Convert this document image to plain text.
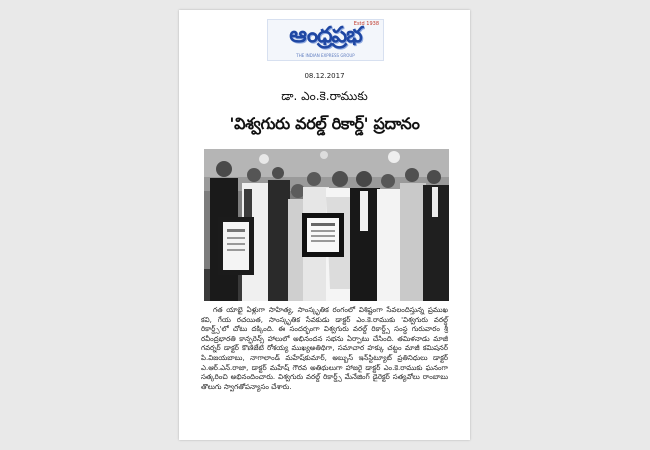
Estd 1938
ఆంధ్రప్రభ
THE INDIAN EXPRESS GROUP
08.12.2017
డా. ఎం.కె.రాముకు
'విశ్వగురు వరల్డ్ రికార్డ్' ప్రదానం

గత యాభై ఏళ్లుగా సాహిత్య, సాంస్కృతిక రంగంలో విశిష్టంగా సేవలందిస్తున్న ప్రముఖ కవి, గేయ రచయిత, సాంస్కృతిక సేవకుడు డాక్టర్ ఎం.కె.రాముకు 'విశ్వగురు వరల్డ్ రికార్డ్స్‌'లో చోటు దక్కింది. ఈ సందర్భంగా విశ్వగురు వరల్డ్ రికార్డ్స్ సంస్థ గురువారం శ్రీ రవీంద్రభారతి కాన్ఫరెన్స్ హాలులో అభినందన సభను ఏర్పాటు చేసింది. తమిళనాడు మాజీ గవర్నర్ డాక్టర్ కొణిజేటి రోశయ్య ముఖ్యఅతిథిగా, సమాచార హక్కు చట్టం మాజీ కమిషనర్ పి.విజయబాబు, నాగాలాండ్ మహేష్‌కుమార్, అబ్బుస్ ఇన్‌స్టిట్యూట్ ప్రతినిధులు డాక్టర్ ఎ.ఆర్.ఎన్.రాజా, డాక్టర్ మహేష్ గౌరవ అతిథులుగా హాజరై డాక్టర్ ఎం.కె.రాముకు ఘనంగా సత్కరించి అభినందించారు. విశ్వగురు వరల్డ్ రికార్డ్స్ మేనేజింగ్ డైరెక్టర్ సత్యవోలు రాంబాబు తొలుగు స్వాగతోపన్యాసం చేశారు.
